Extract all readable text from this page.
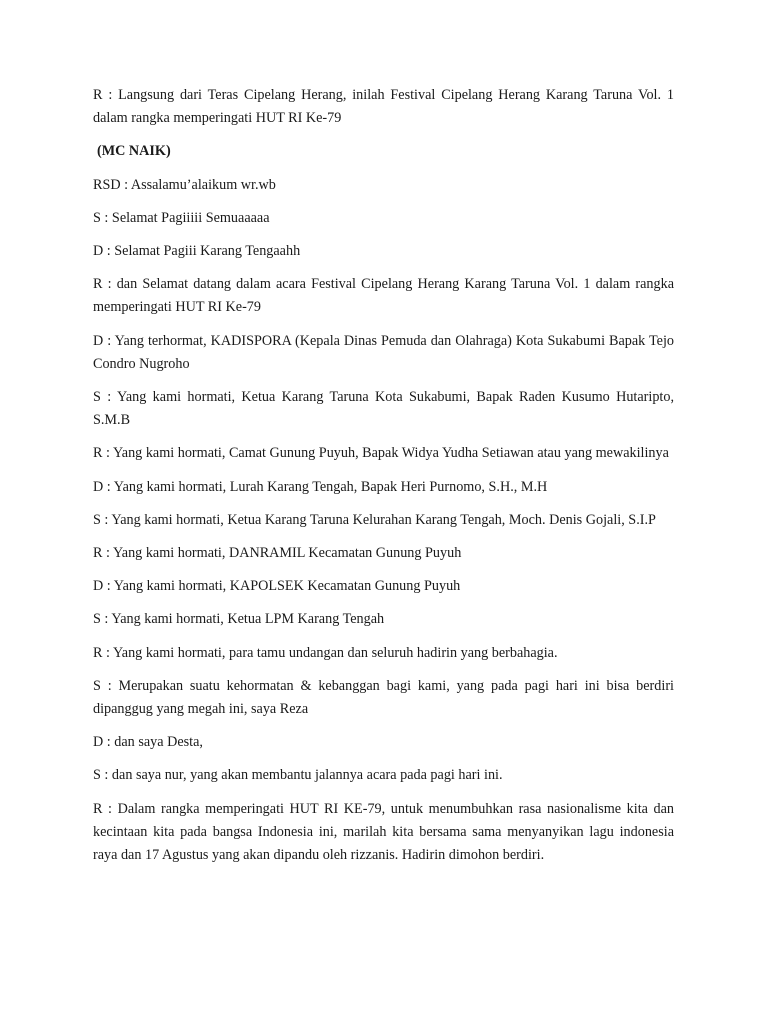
R : Langsung dari Teras Cipelang Herang, inilah Festival Cipelang Herang Karang Taruna Vol. 1 dalam rangka memperingati HUT RI Ke-79

(MC NAIK)

RSD : Assalamu’alaikum wr.wb

S : Selamat Pagiiiii Semuaaaaa

D : Selamat Pagiii Karang Tengaahh

R : dan Selamat datang dalam acara Festival Cipelang Herang Karang Taruna Vol. 1 dalam rangka memperingati HUT RI Ke-79

D : Yang terhormat, KADISPORA (Kepala Dinas Pemuda dan Olahraga) Kota Sukabumi Bapak Tejo Condro Nugroho

S : Yang kami hormati, Ketua Karang Taruna Kota Sukabumi, Bapak Raden Kusumo Hutaripto, S.M.B

R : Yang kami hormati, Camat Gunung Puyuh, Bapak Widya Yudha Setiawan atau yang mewakilinya

D : Yang kami hormati, Lurah Karang Tengah, Bapak Heri Purnomo, S.H., M.H

S : Yang kami hormati, Ketua Karang Taruna Kelurahan Karang Tengah, Moch. Denis Gojali, S.I.P

R : Yang kami hormati, DANRAMIL Kecamatan Gunung Puyuh

D : Yang kami hormati, KAPOLSEK Kecamatan Gunung Puyuh

S : Yang kami hormati, Ketua LPM Karang Tengah

R : Yang kami hormati, para tamu undangan dan seluruh hadirin yang berbahagia.

S : Merupakan suatu kehormatan & kebanggan bagi kami, yang pada pagi hari ini bisa berdiri dipanggug yang megah ini, saya Reza

D : dan saya Desta,

S : dan saya nur, yang akan membantu jalannya acara pada pagi hari ini.

R : Dalam rangka memperingati HUT RI KE-79, untuk menumbuhkan rasa nasionalisme kita dan kecintaan kita pada bangsa Indonesia ini, marilah kita bersama sama menyanyikan lagu indonesia raya dan 17 Agustus yang akan dipandu oleh rizzanis. Hadirin dimohon berdiri.
